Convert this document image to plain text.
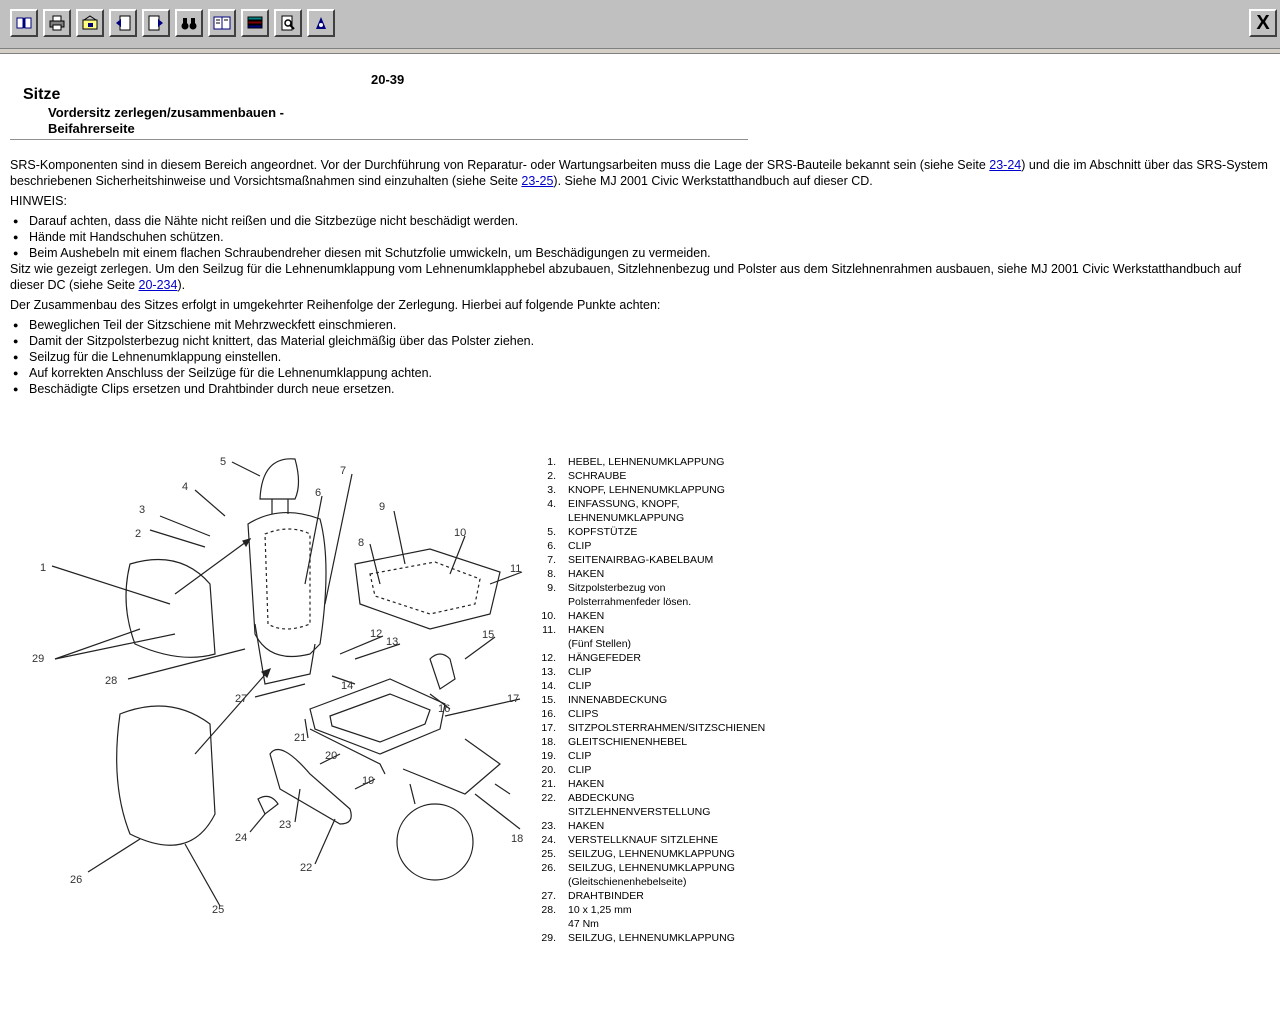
X
20-39
Sitze
Vordersitz zerlegen/zusammenbauen -
Beifahrerseite

SRS-Komponenten sind in diesem Bereich angeordnet. Vor der Durchführung von Reparatur- oder Wartungsarbeiten muss die Lage der SRS-Bauteile bekannt sein (siehe Seite 23-24) und die im Abschnitt über das SRS-System beschriebenen Sicherheitshinweise und Vorsichtsmaßnahmen sind einzuhalten (siehe Seite 23-25). Siehe MJ 2001 Civic Werkstatthandbuch auf dieser CD.

HINWEIS:

● Darauf achten, dass die Nähte nicht reißen und die Sitzbezüge nicht beschädigt werden.
● Hände mit Handschuhen schützen.
● Beim Aushebeln mit einem flachen Schraubendreher diesen mit Schutzfolie umwickeln, um Beschädigungen zu vermeiden.

Sitz wie gezeigt zerlegen. Um den Seilzug für die Lehnenumklappung vom Lehnenumklapphebel abzubauen, Sitzlehnenbezug und Polster aus dem Sitzlehnenrahmen ausbauen, siehe MJ 2001 Civic Werkstatthandbuch auf dieser DC (siehe Seite 20-234).

Der Zusammenbau des Sitzes erfolgt in umgekehrter Reihenfolge der Zerlegung. Hierbei auf folgende Punkte achten:

● Beweglichen Teil der Sitzschiene mit Mehrzweckfett einschmieren.
● Damit der Sitzpolsterbezug nicht knittert, das Material gleichmäßig über das Polster ziehen.
● Seilzug für die Lehnenumklappung einstellen.
● Auf korrekten Anschluss der Seilzüge für die Lehnenumklappung achten.
● Beschädigte Clips ersetzen und Drahtbinder durch neue ersetzen.
1
2
3
4
5
6
7
8
9
10
11
12
13
14
15
16
17
18
19
20
21
22
23
24
25
26
27
28
29
1.	HEBEL, LEHNENUMKLAPPUNG
2.	SCHRAUBE
3.	KNOPF, LEHNENUMKLAPPUNG
4.	EINFASSUNG, KNOPF,
LEHNENUMKLAPPUNG
5.	KOPFSTÜTZE
6.	CLIP
7.	SEITENAIRBAG-KABELBAUM
8.	HAKEN
9.	Sitzpolsterbezug von
Polsterrahmenfeder lösen.
10.	HAKEN
11.	HAKEN
(Fünf Stellen)
12.	HÄNGEFEDER
13.	CLIP
14.	CLIP
15.	INNENABDECKUNG
16.	CLIPS
17.	SITZPOLSTERRAHMEN/SITZSCHIENEN
18.	GLEITSCHIENENHEBEL
19.	CLIP
20.	CLIP
21.	HAKEN
22.	ABDECKUNG
SITZLEHNENVERSTELLUNG
23.	HAKEN
24.	VERSTELLKNAUF SITZLEHNE
25.	SEILZUG, LEHNENUMKLAPPUNG
26.	SEILZUG, LEHNENUMKLAPPUNG
(Gleitschienenhebelseite)
27.	DRAHTBINDER
28.	10 x 1,25 mm
47 Nm
29.	SEILZUG, LEHNENUMKLAPPUNG
